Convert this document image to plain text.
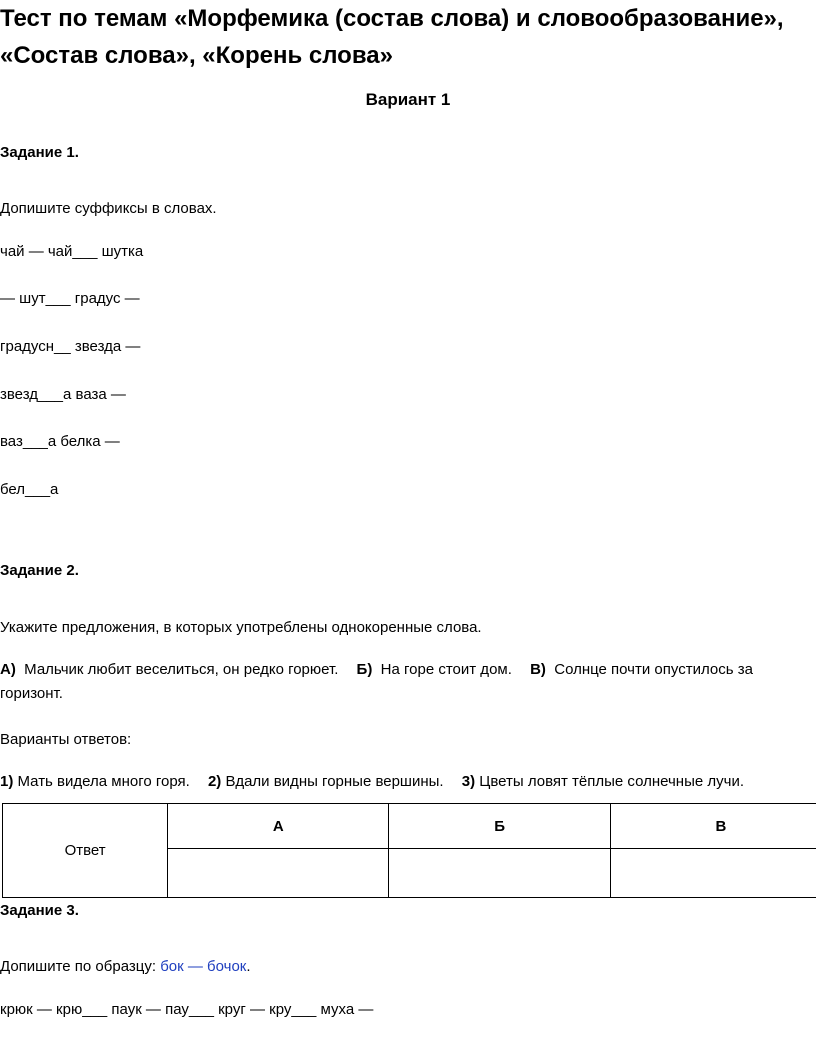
Тест по темам «Морфемика (состав слова) и словообразование»,
«Состав слова», «Корень слова»
Вариант 1
Задание 1.
Допишите суффиксы в словах.
чай — чай___ шутка
— шут___ градус —
градусн__ звезда —
звезд___а ваза —
ваз___а белка —
бел___а
Задание 2.
Укажите предложения, в которых употреблены однокоренные слова.
А) Мальчик любит веселиться, он редко горюет. Б) На горе стоит дом. В) Солнце почти опустилось за
горизонт.
Варианты ответов:
1) Мать видела много горя. 2) Вдали видны горные вершины. 3) Цветы ловят тёплые солнечные лучи.
Ответ	А	Б	В

Задание 3.
Допишите по образцу: бок — бочок.
крюк — крю___ паук — пау___ круг — кру___ муха —
